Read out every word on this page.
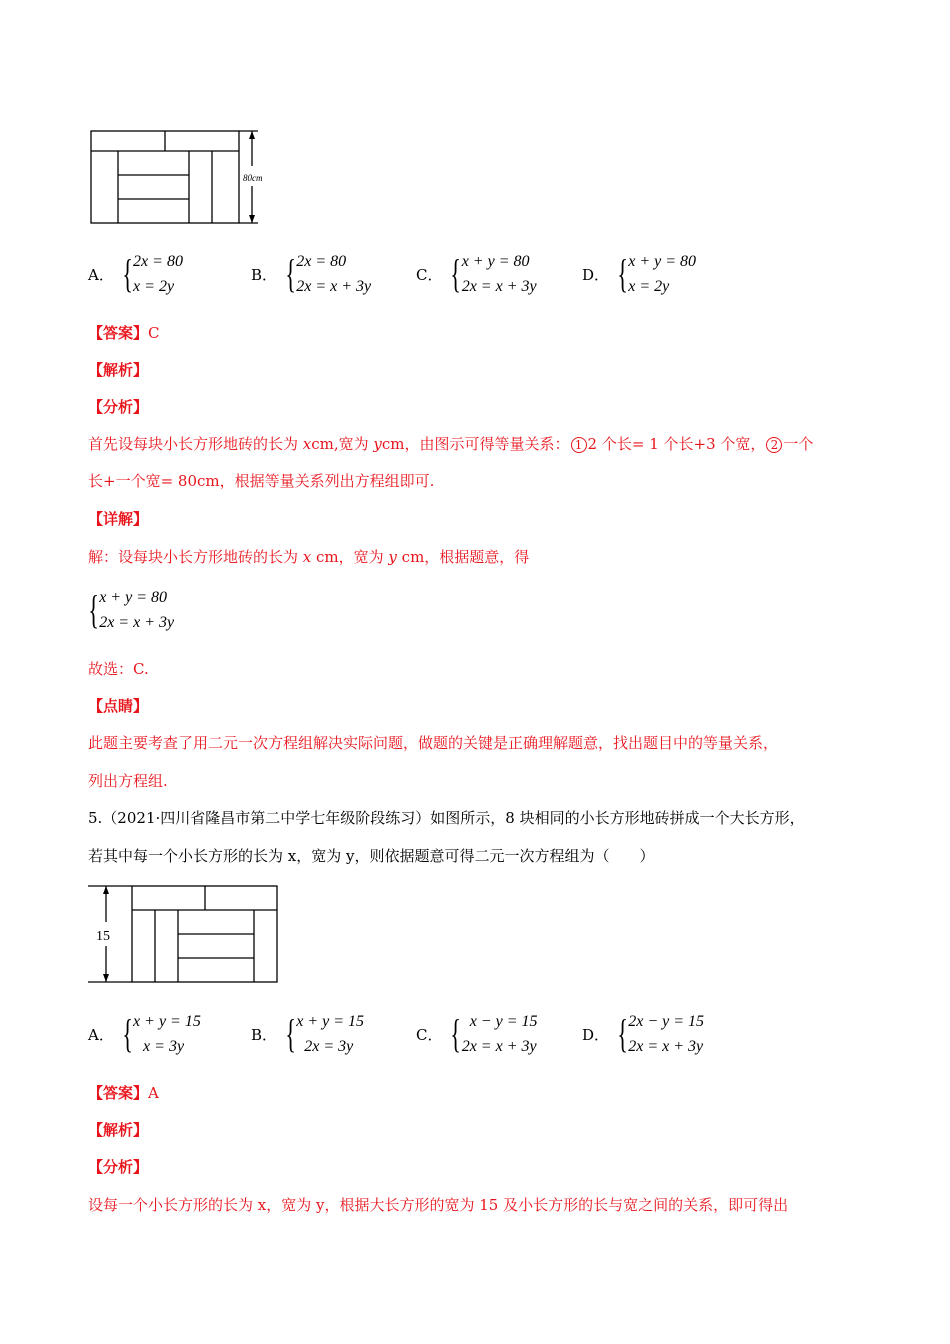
80cm
A． { 2x = 80
x = 2y
B． { 2x = 80
2x = x + 3y
C． { x + y = 80
2x = x + 3y
D． { x + y = 80
x = 2y
【答案】C
【解析】
【分析】
首先设每块小长方形地砖的长为 xcm,宽为 ycm，由图示可得等量关系： 1 2 个长= 1 个长+3 个宽， 2 一个
长+一个宽= 80cm，根据等量关系列出方程组即可.
【详解】
解：设每块小长方形地砖的长为 x cm，宽为 y cm，根据题意，得
{ x + y = 80
2x = x + 3y
故选：C.
【点睛】
此题主要考查了用二元一次方程组解决实际问题，做题的关键是正确理解题意，找出题目中的等量关系，
列出方程组.
5.（2021·四川省隆昌市第二中学七年级阶段练习）如图所示，8 块相同的小长方形地砖拼成一个大长方形，
若其中每一个小长方形的长为 x，宽为 y，则依据题意可得二元一次方程组为（　　）
15
A． { x + y = 15
x = 3y
B． { x + y = 15
2x = 3y
C． { x − y = 15
2x = x + 3y
D． { 2x − y = 15
2x = x + 3y
【答案】A
【解析】
【分析】
设每一个小长方形的长为 x，宽为 y，根据大长方形的宽为 15 及小长方形的长与宽之间的关系，即可得出
